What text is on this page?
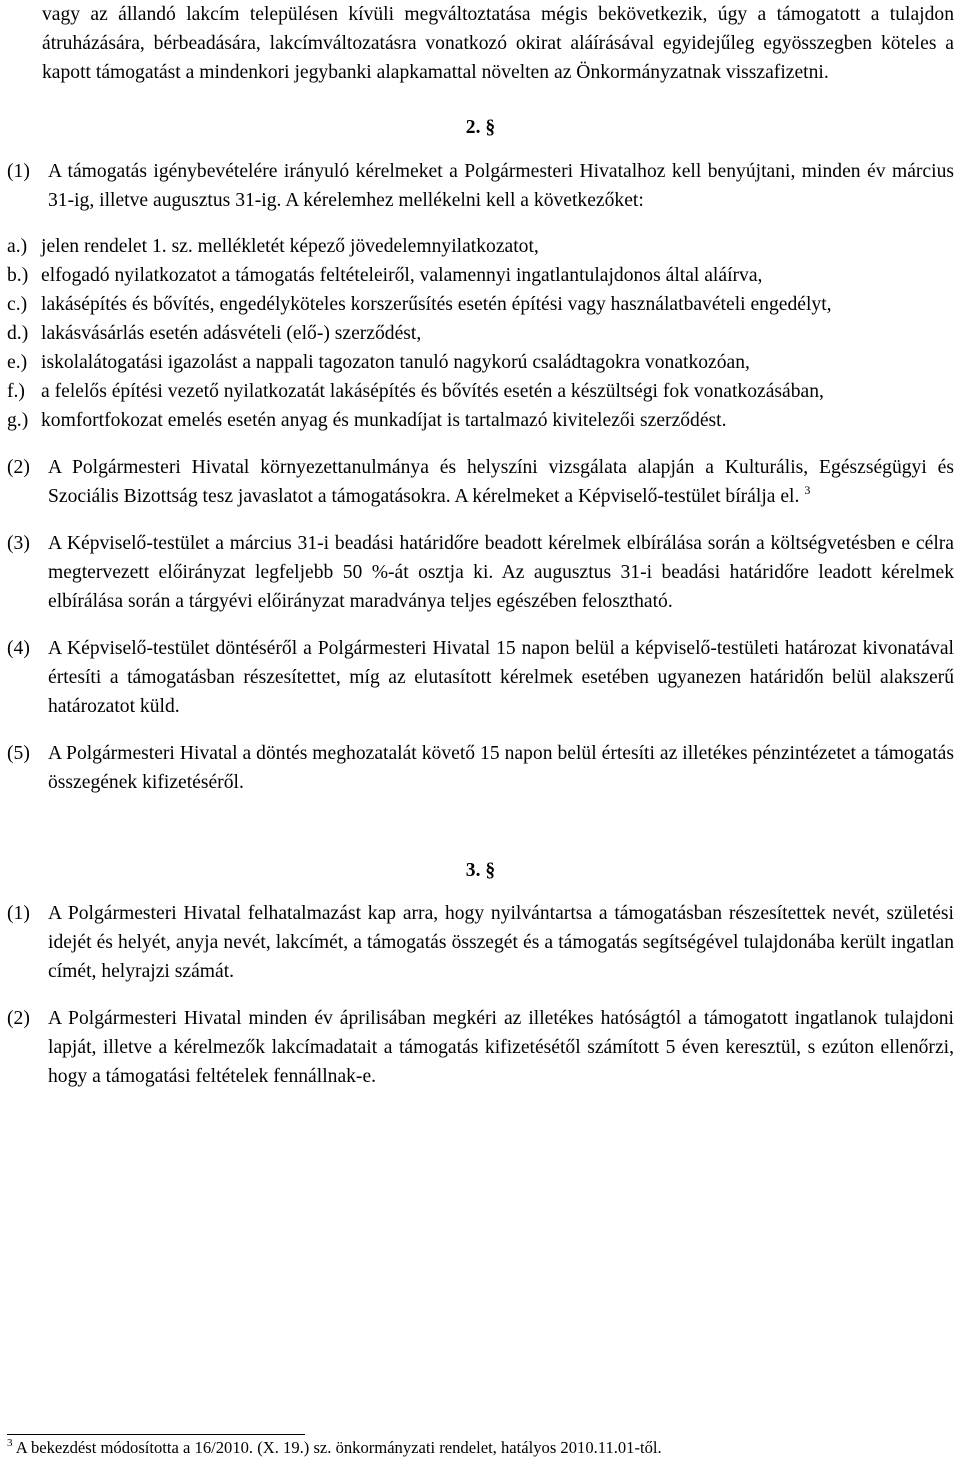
vagy az állandó lakcím településen kívüli megváltoztatása mégis bekövetkezik, úgy a támogatott a tulajdon átruházására, bérbeadására, lakcímváltozatásra vonatkozó okirat aláírásával egyidejűleg egyösszegben köteles a kapott támogatást a mindenkori jegybanki alapkamattal növelten az Önkormányzatnak visszafizetni.

2. §

(1) A támogatás igénybevételére irányuló kérelmeket a Polgármesteri Hivatalhoz kell benyújtani, minden év március 31-ig, illetve augusztus 31-ig. A kérelemhez mellékelni kell a következőket:
a.) jelen rendelet 1. sz. mellékletét képező jövedelemnyilatkozatot,
b.) elfogadó nyilatkozatot a támogatás feltételeiről, valamennyi ingatlantulajdonos által aláírva,
c.) lakásépítés és bővítés, engedélyköteles korszerűsítés esetén építési vagy használatbavételi engedélyt,
d.) lakásvásárlás esetén adásvételi (elő-) szerződést,
e.) iskolalátogatási igazolást a nappali tagozaton tanuló nagykorú családtagokra vonatkozóan,
f.) a felelős építési vezető nyilatkozatát lakásépítés és bővítés esetén a készültségi fok vonatkozásában,
g.) komfortfokozat emelés esetén anyag és munkadíjat is tartalmazó kivitelezői szerződést.
(2) A Polgármesteri Hivatal környezettanulmánya és helyszíni vizsgálata alapján a Kulturális, Egészségügyi és Szociális Bizottság tesz javaslatot a támogatásokra. A kérelmeket a Képviselő-testület bírálja el. $^3$
(3) A Képviselő-testület a március 31-i beadási határidőre beadott kérelmek elbírálása során a költségvetésben e célra megtervezett előirányzat legfeljebb 50 %-át osztja ki. Az augusztus 31-i beadási határidőre leadott kérelmek elbírálása során a tárgyévi előirányzat maradványa teljes egészében felosztható.
(4) A Képviselő-testület döntéséről a Polgármesteri Hivatal 15 napon belül a képviselő-testületi határozat kivonatával értesíti a támogatásban részesítettet, míg az elutasított kérelmek esetében ugyanezen határidőn belül alakszerű határozatot küld.
(5) A Polgármesteri Hivatal a döntés meghozatalát követő 15 napon belül értesíti az illetékes pénzintézetet a támogatás összegének kifizetéséről.

3. §

(1) A Polgármesteri Hivatal felhatalmazást kap arra, hogy nyilvántartsa a támogatásban részesítettek nevét, születési idejét és helyét, anyja nevét, lakcímét, a támogatás összegét és a támogatás segítségével tulajdonába került ingatlan címét, helyrajzi számát.
(2) A Polgármesteri Hivatal minden év áprilisában megkéri az illetékes hatóságtól a támogatott ingatlanok tulajdoni lapját, illetve a kérelmezők lakcímadatait a támogatás kifizetésétől számított 5 éven keresztül, s ezúton ellenőrzi, hogy a támogatási feltételek fennállnak-e.
$^3$ A bekezdést módosította a 16/2010. (X. 19.) sz. önkormányzati rendelet, hatályos 2010.11.01-től.
